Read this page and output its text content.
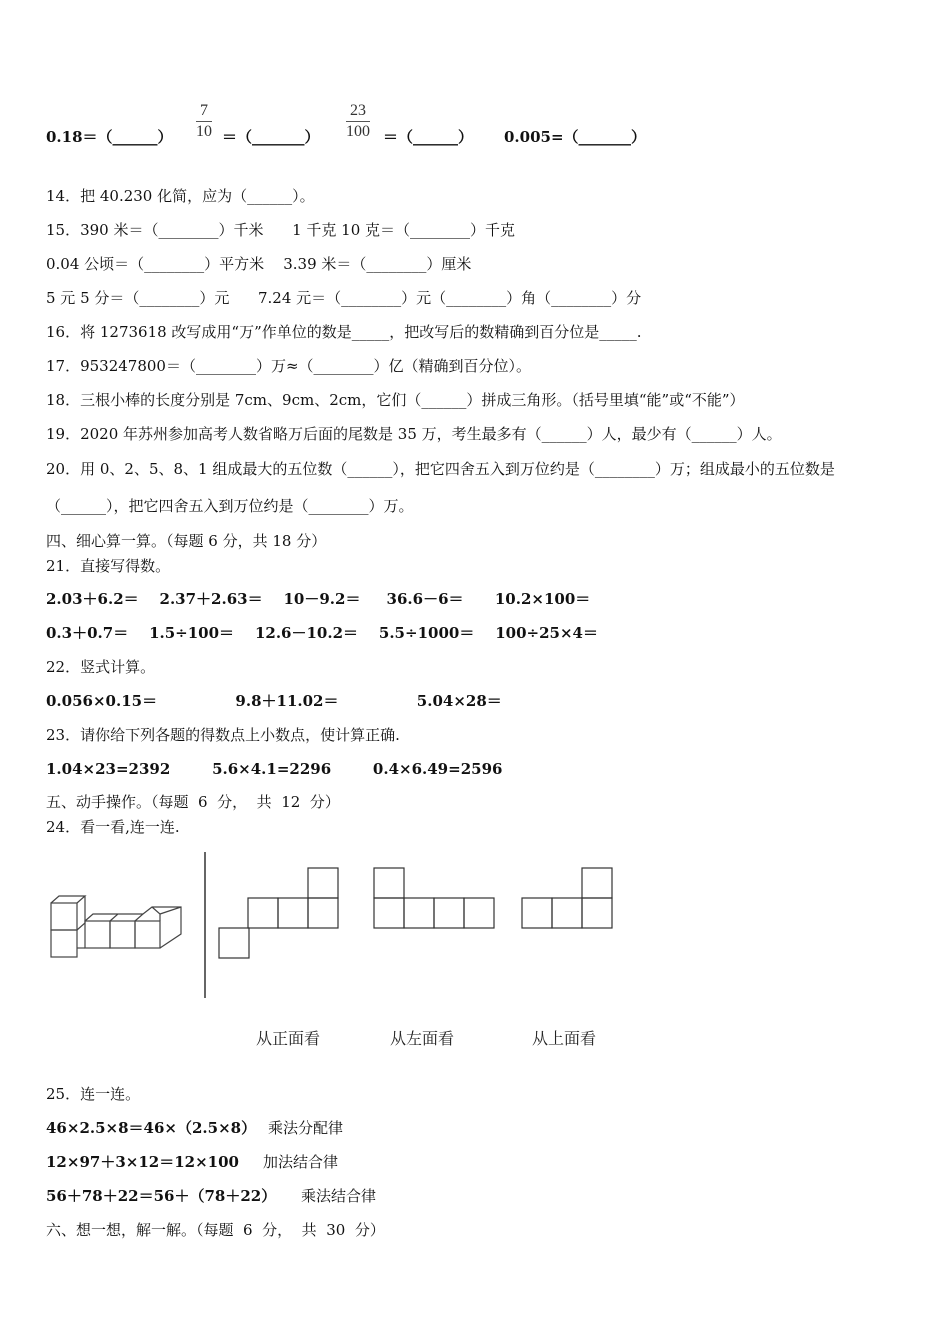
0.18＝（______）
7
10 ＝（_______）
23
100 ＝（______） 0.005=（_______）
14．把 40.230 化简，应为（______）。
15．390 米＝（________）千米      1 千克 10 克＝（________）千克
0.04 公顷＝（________）平方米    3.39 米＝（________）厘米
5 元 5 分＝（________）元      7.24 元＝（________）元（________）角（________）分
16．将 1273618 改写成用“万”作单位的数是_____，把改写后的数精确到百分位是_____.
17．953247800＝（________）万≈（________）亿（精确到百分位）。
18．三根小棒的长度分别是 7cm、9cm、2cm，它们（______）拼成三角形。（括号里填“能”或“不能”）
19．2020 年苏州参加高考人数省略万后面的尾数是 35 万，考生最多有（______）人，最少有（______）人。
20．用 0、2、5、8、1 组成最大的五位数（______），把它四舍五入到万位约是（________）万；组成最小的五位数是
（______），把它四舍五入到万位约是（________）万。
四、细心算一算。（每题 6 分，共 18 分）
21．直接写得数。
2.03＋6.2＝    2.37＋2.63＝    10－9.2＝     36.6－6＝      10.2×100＝
0.3＋0.7＝    1.5÷100＝    12.6－10.2＝    5.5÷1000＝    100÷25×4＝
22．竖式计算。
0.056×0.15＝               9.8＋11.02＝               5.04×28＝
23．请你给下列各题的得数点上小数点，使计算正确.
1.04×23=2392        5.6×4.1=2296        0.4×6.49=2596
五、动手操作。（每题  6  分，  共  12  分）
24．看一看,连一连.
从正面看	从左面看	从上面看
25．连一连。
46×2.5×8＝46×（2.5×8） 乘法分配律
12×97＋3×12＝12×100 加法结合律
56＋78＋22＝56＋（78＋22） 乘法结合律
六、想一想，解一解。（每题  6  分，  共  30  分）
